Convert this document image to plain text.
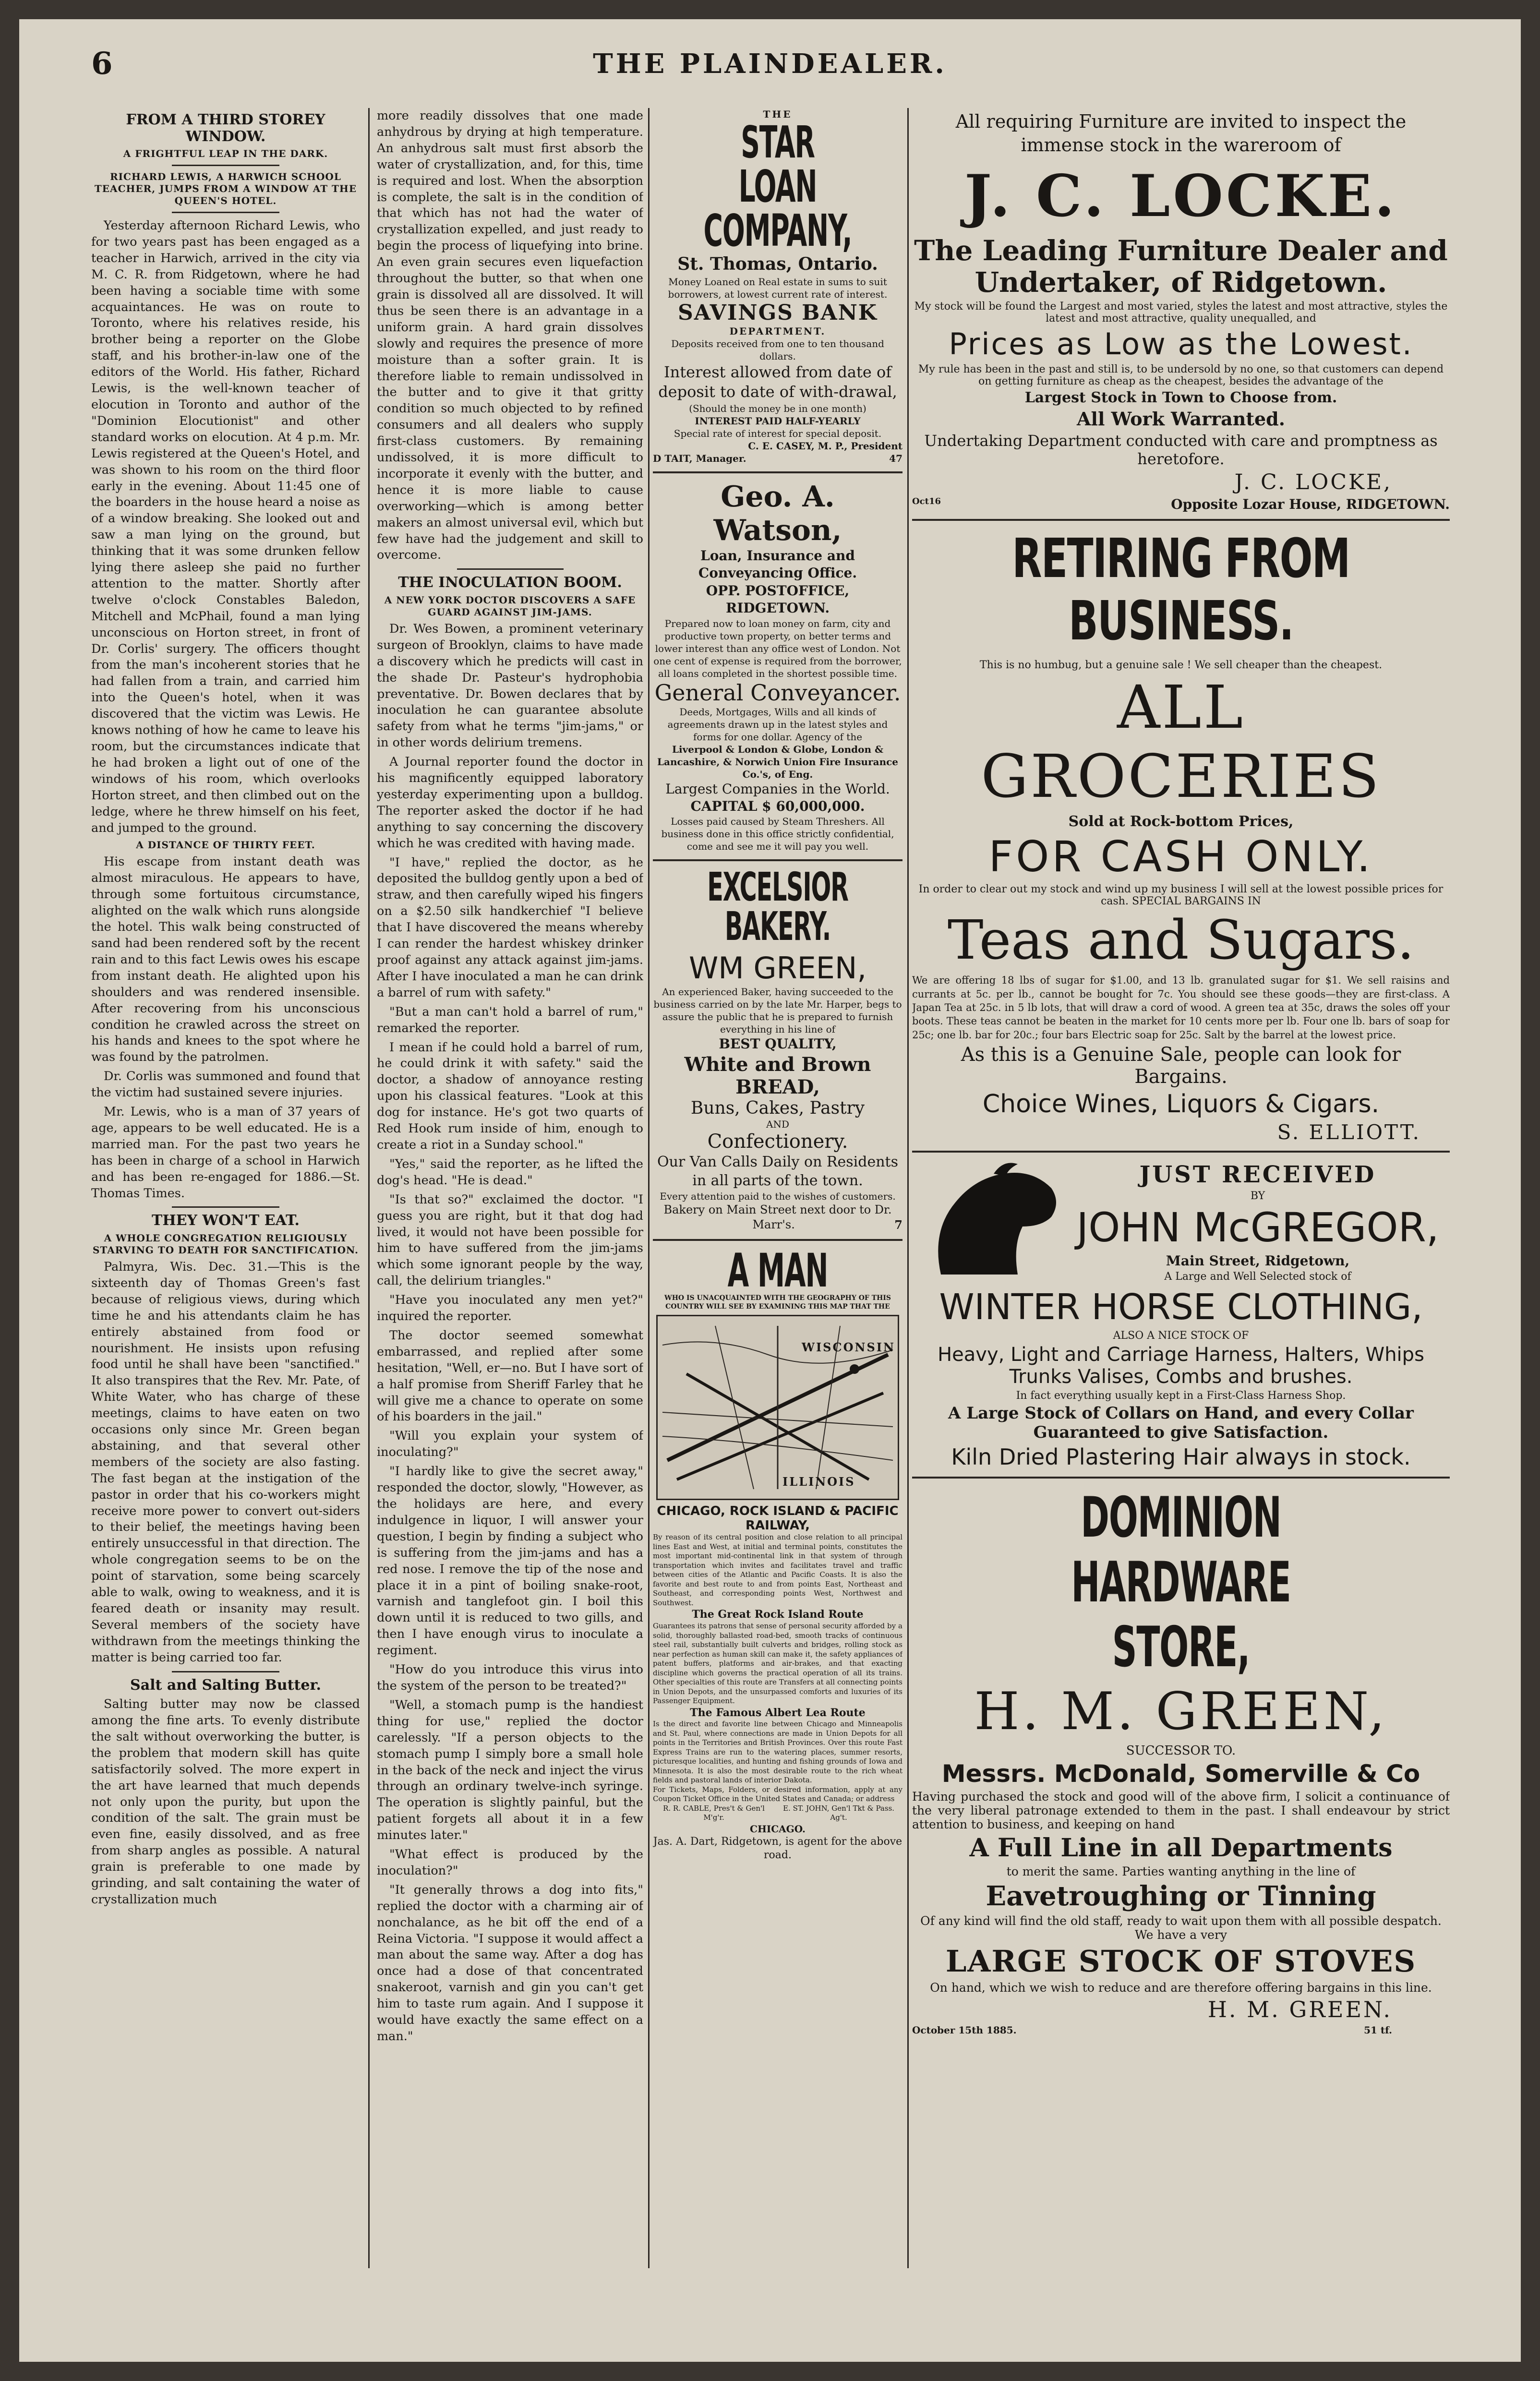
6	THE PLAINDEALER.
FROM A THIRD STOREY WINDOW.
A FRIGHTFUL LEAP IN THE DARK.
RICHARD LEWIS, A HARWICH SCHOOL TEACHER, JUMPS FROM A WINDOW AT THE QUEEN'S HOTEL.

Yesterday afternoon Richard Lewis, who for two years past has been engaged as a teacher in Harwich, arrived in the city via M. C. R. from Ridgetown, where he had been having a sociable time with some acquaintances. He was on route to Toronto, where his relatives reside, his brother being a reporter on the Globe staff, and his brother-in-law one of the editors of the World. His father, Richard Lewis, is the well-known teacher of elocution in Toronto and author of the "Dominion Elocutionist" and other standard works on elocution. At 4 p.m. Mr. Lewis registered at the Queen's Hotel, and was shown to his room on the third floor early in the evening. About 11:45 one of the boarders in the house heard a noise as of a window breaking. She looked out and saw a man lying on the ground, but thinking that it was some drunken fellow lying there asleep she paid no further attention to the matter. Shortly after twelve o'clock Constables Baledon, Mitchell and McPhail, found a man lying unconscious on Horton street, in front of Dr. Corlis' surgery. The officers thought from the man's incoherent stories that he had fallen from a train, and carried him into the Queen's hotel, when it was discovered that the victim was Lewis. He knows nothing of how he came to leave his room, but the circumstances indicate that he had broken a light out of one of the windows of his room, which overlooks Horton street, and then climbed out on the ledge, where he threw himself on his feet, and jumped to the ground.

A DISTANCE OF THIRTY FEET.

His escape from instant death was almost miraculous. He appears to have, through some fortuitous circumstance, alighted on the walk which runs alongside the hotel. This walk being constructed of sand had been rendered soft by the recent rain and to this fact Lewis owes his escape from instant death. He alighted upon his shoulders and was rendered insensible. After recovering from his unconscious condition he crawled across the street on his hands and knees to the spot where he was found by the patrolmen.

Dr. Corlis was summoned and found that the victim had sustained severe injuries.

Mr. Lewis, who is a man of 37 years of age, appears to be well educated. He is a married man. For the past two years he has been in charge of a school in Harwich and has been re-engaged for 1886.—St. Thomas Times.

THEY WON'T EAT.
A WHOLE CONGREGATION RELIGIOUSLY STARVING TO DEATH FOR SANCTIFICATION.

Palmyra, Wis. Dec. 31.—This is the sixteenth day of Thomas Green's fast because of religious views, during which time he and his attendants claim he has entirely abstained from food or nourishment. He insists upon refusing food until he shall have been "sanctified." It also transpires that the Rev. Mr. Pate, of White Water, who has charge of these meetings, claims to have eaten on two occasions only since Mr. Green began abstaining, and that several other members of the society are also fasting. The fast began at the instigation of the pastor in order that his co-workers might receive more power to convert out-siders to their belief, the meetings having been entirely unsuccessful in that direction. The whole congregation seems to be on the point of starvation, some being scarcely able to walk, owing to weakness, and it is feared death or insanity may result. Several members of the society have withdrawn from the meetings thinking the matter is being carried too far.

Salt and Salting Butter.

Salting butter may now be classed among the fine arts. To evenly distribute the salt without overworking the butter, is the problem that modern skill has quite satisfactorily solved. The more expert in the art have learned that much depends not only upon the purity, but upon the condition of the salt. The grain must be even fine, easily dissolved, and as free from sharp angles as possible. A natural grain is preferable to one made by grinding, and salt containing the water of crystallization much

more readily dissolves that one made anhydrous by drying at high temperature. An anhydrous salt must first absorb the water of crystallization, and, for this, time is required and lost. When the absorption is complete, the salt is in the condition of that which has not had the water of crystallization expelled, and just ready to begin the process of liquefying into brine. An even grain secures even liquefaction throughout the butter, so that when one grain is dissolved all are dissolved. It will thus be seen there is an advantage in a uniform grain. A hard grain dissolves slowly and requires the presence of more moisture than a softer grain. It is therefore liable to remain undissolved in the butter and to give it that gritty condition so much objected to by refined consumers and all dealers who supply first-class customers. By remaining undissolved, it is more difficult to incorporate it evenly with the butter, and hence it is more liable to cause overworking—which is among better makers an almost universal evil, which but few have had the judgement and skill to overcome.

THE INOCULATION BOOM.
A NEW YORK DOCTOR DISCOVERS A SAFE GUARD AGAINST JIM-JAMS.

Dr. Wes Bowen, a prominent veterinary surgeon of Brooklyn, claims to have made a discovery which he predicts will cast in the shade Dr. Pasteur's hydrophobia preventative. Dr. Bowen declares that by inoculation he can guarantee absolute safety from what he terms "jim-jams," or in other words delirium tremens.

A Journal reporter found the doctor in his magnificently equipped laboratory yesterday experimenting upon a bulldog. The reporter asked the doctor if he had anything to say concerning the discovery which he was credited with having made.

"I have," replied the doctor, as he deposited the bulldog gently upon a bed of straw, and then carefully wiped his fingers on a $2.50 silk handkerchief "I believe that I have discovered the means whereby I can render the hardest whiskey drinker proof against any attack against jim-jams. After I have inoculated a man he can drink a barrel of rum with safety."

"But a man can't hold a barrel of rum," remarked the reporter.

I mean if he could hold a barrel of rum, he could drink it with safety." said the doctor, a shadow of annoyance resting upon his classical features. "Look at this dog for instance. He's got two quarts of Red Hook rum inside of him, enough to create a riot in a Sunday school."

"Yes," said the reporter, as he lifted the dog's head. "He is dead."

"Is that so?" exclaimed the doctor. "I guess you are right, but it that dog had lived, it would not have been possible for him to have suffered from the jim-jams which some ignorant people by the way, call, the delirium triangles."

"Have you inoculated any men yet?" inquired the reporter.

The doctor seemed somewhat embarrassed, and replied after some hesitation, "Well, er—no. But I have sort of a half promise from Sheriff Farley that he will give me a chance to operate on some of his boarders in the jail."

"Will you explain your system of inoculating?"

"I hardly like to give the secret away," responded the doctor, slowly, "However, as the holidays are here, and every indulgence in liquor, I will answer your question, I begin by finding a subject who is suffering from the jim-jams and has a red nose. I remove the tip of the nose and place it in a pint of boiling snake-root, varnish and tanglefoot gin. I boil this down until it is reduced to two gills, and then I have enough virus to inoculate a regiment.

"How do you introduce this virus into the system of the person to be treated?"

"Well, a stomach pump is the handiest thing for use," replied the doctor carelessly. "If a person objects to the stomach pump I simply bore a small hole in the back of the neck and inject the virus through an ordinary twelve-inch syringe. The operation is slightly painful, but the patient forgets all about it in a few minutes later."

"What effect is produced by the inoculation?"

"It generally throws a dog into fits," replied the doctor with a charming air of nonchalance, as he bit off the end of a Reina Victoria. "I suppose it would affect a man about the same way. After a dog has once had a dose of that concentrated snakeroot, varnish and gin you can't get him to taste rum again. And I suppose it would have exactly the same effect on a man."

THE
STAR LOAN COMPANY,
St. Thomas, Ontario.
Money Loaned on Real estate in sums to suit borrowers, at lowest current rate of interest.
SAVINGS BANK
DEPARTMENT.
Deposits received from one to ten thousand dollars.
Interest allowed from date of deposit to date of with-drawal,
(Should the money be in one month)
INTEREST PAID HALF-YEARLY
Special rate of interest for special deposit.
C. E. CASEY, M. P., President
D TAIT, Manager.	47
Geo. A. Watson,
Loan, Insurance and Conveyancing Office.
OPP. POSTOFFICE, RIDGETOWN.
Prepared now to loan money on farm, city and productive town property, on better terms and lower interest than any office west of London. Not one cent of expense is required from the borrower, all loans completed in the shortest possible time.
General Conveyancer.
Deeds, Mortgages, Wills and all kinds of agreements drawn up in the latest styles and forms for one dollar. Agency of the
Liverpool & London & Globe, London & Lancashire, & Norwich Union Fire Insurance Co.'s, of Eng.
Largest Companies in the World.
CAPITAL $ 60,000,000.
Losses paid caused by Steam Threshers. All business done in this office strictly confidential, come and see me it will pay you well.
EXCELSIOR BAKERY.
WM GREEN,
An experienced Baker, having succeeded to the business carried on by the late Mr. Harper, begs to assure the public that he is prepared to furnish everything in his line of
BEST QUALITY,
White and Brown BREAD,
Buns, Cakes, Pastry
AND
Confectionery.
Our Van Calls Daily on Residents in all parts of the town.
Every attention paid to the wishes of customers.
Bakery on Main Street next door to Dr. Marr's.	7
A MAN
WHO IS UNACQUAINTED WITH THE GEOGRAPHY OF THIS COUNTRY WILL SEE BY EXAMINING THIS MAP THAT THE
WISCONSIN
ILLINOIS
CHICAGO, ROCK ISLAND & PACIFIC RAILWAY,
By reason of its central position and close relation to all principal lines East and West, at initial and terminal points, constitutes the most important mid-continental link in that system of through transportation which invites and facilitates travel and traffic between cities of the Atlantic and Pacific Coasts. It is also the favorite and best route to and from points East, Northeast and Southeast, and corresponding points West, Northwest and Southwest.
The Great Rock Island Route
Guarantees its patrons that sense of personal security afforded by a solid, thoroughly ballasted road-bed, smooth tracks of continuous steel rail, substantially built culverts and bridges, rolling stock as near perfection as human skill can make it, the safety appliances of patent buffers, platforms and air-brakes, and that exacting discipline which governs the practical operation of all its trains. Other specialties of this route are Transfers at all connecting points in Union Depots, and the unsurpassed comforts and luxuries of its Passenger Equipment.
The Famous Albert Lea Route
Is the direct and favorite line between Chicago and Minneapolis and St. Paul, where connections are made in Union Depots for all points in the Territories and British Provinces. Over this route Fast Express Trains are run to the watering places, summer resorts, picturesque localities, and hunting and fishing grounds of Iowa and Minnesota. It is also the most desirable route to the rich wheat fields and pastoral lands of interior Dakota.
For Tickets, Maps, Folders, or desired information, apply at any Coupon Ticket Office in the United States and Canada; or address
R. R. CABLE, Pres't & Gen'l M'g'r.
E. ST. JOHN, Gen'l Tkt & Pass. Ag't.
CHICAGO.
Jas. A. Dart, Ridgetown, is agent for the above road.

All requiring Furniture are invited to inspect the immense stock in the wareroom of

J. C. LOCKE.

The Leading Furniture Dealer and Undertaker, of Ridgetown.

My stock will be found the Largest and most varied, styles the latest and most attractive, styles the latest and most attractive, quality unequalled, and

Prices as Low as the Lowest.

My rule has been in the past and still is, to be undersold by no one, so that customers can depend on getting furniture as cheap as the cheapest, besides the advantage of the

Largest Stock in Town to Choose from.

All Work Warranted.

Undertaking Department conducted with care and promptness as heretofore.

J. C. LOCKE,

Oct16	Opposite Lozar House, RIDGETOWN.

RETIRING FROM BUSINESS.

This is no humbug, but a genuine sale ! We sell cheaper than the cheapest.

ALL GROCERIES

Sold at Rock-bottom Prices,

FOR CASH ONLY.

In order to clear out my stock and wind up my business I will sell at the lowest possible prices for cash. SPECIAL BARGAINS IN

Teas and Sugars.

We are offering 18 lbs of sugar for $1.00, and 13 lb. granulated sugar for $1. We sell raisins and currants at 5c. per lb., cannot be bought for 7c. You should see these goods—they are first-class. A Japan Tea at 25c. in 5 lb lots, that will draw a cord of wood. A green tea at 35c, draws the soles off your boots. These teas cannot be beaten in the market for 10 cents more per lb. Four one lb. bars of soap for 25c; one lb. bar for 20c.; four bars Electric soap for 25c. Salt by the barrel at the lowest price.

As this is a Genuine Sale, people can look for Bargains.

Choice Wines, Liquors & Cigars.

S. ELLIOTT.

JUST RECEIVED

BY

JOHN McGREGOR,

Main Street, Ridgetown,

A Large and Well Selected stock of

WINTER HORSE CLOTHING,

ALSO A NICE STOCK OF

Heavy, Light and Carriage Harness, Halters, Whips Trunks Valises, Combs and brushes.

In fact everything usually kept in a First-Class Harness Shop.

A Large Stock of Collars on Hand, and every Collar Guaranteed to give Satisfaction.

Kiln Dried Plastering Hair always in stock.

DOMINION HARDWARE STORE,

H. M. GREEN,

SUCCESSOR TO.

Messrs. McDonald, Somerville & Co

Having purchased the stock and good will of the above firm, I solicit a continuance of the very liberal patronage extended to them in the past. I shall endeavour by strict attention to business, and keeping on hand

A Full Line in all Departments

to merit the same. Parties wanting anything in the line of

Eavetroughing or Tinning

Of any kind will find the old staff, ready to wait upon them with all possible despatch. We have a very

LARGE STOCK OF STOVES

On hand, which we wish to reduce and are therefore offering bargains in this line.

H. M. GREEN.

October 15th 1885.	51 tf.
